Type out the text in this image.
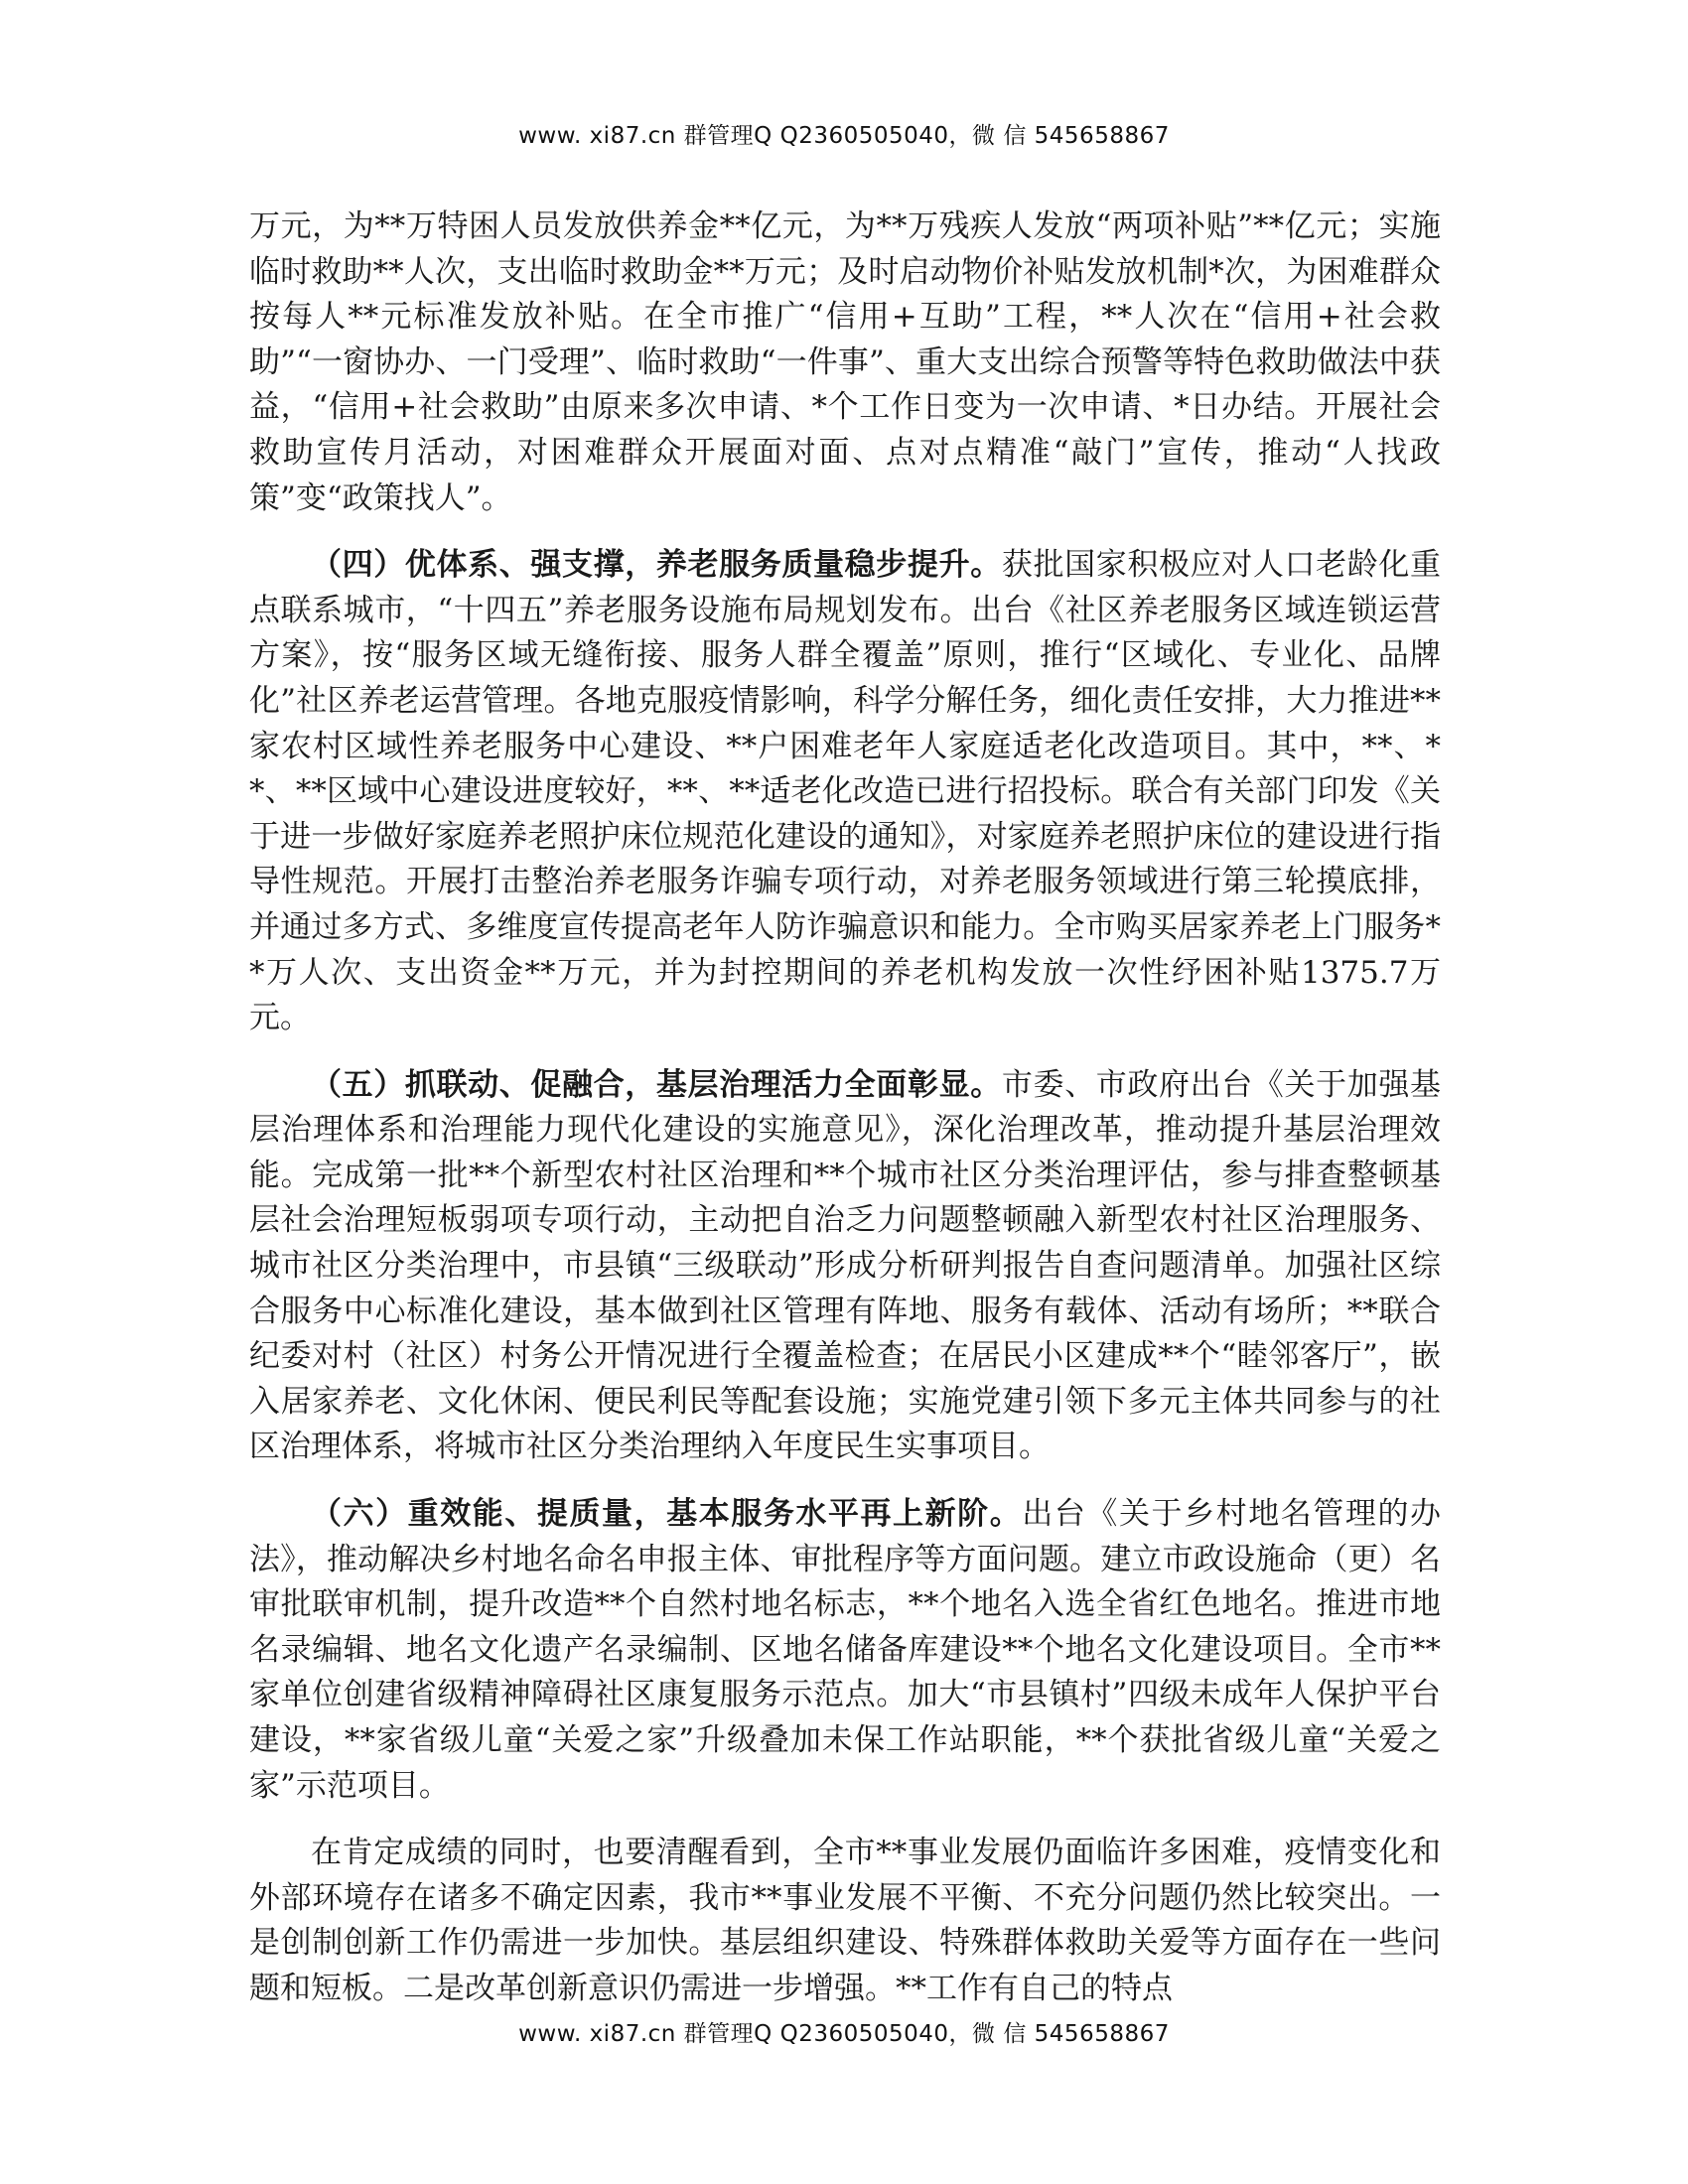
www. xi87.cn 群管理Q Q2360505040，微 信 545658867

万元，为**万特困人员发放供养金**亿元，为**万残疾人发放“两项补贴”**亿元；实施临时救助**人次，支出临时救助金**万元；及时启动物价补贴发放机制*次，为困难群众按每人**元标准发放补贴。在全市推广“信用+互助”工程，**人次在“信用+社会救助”“一窗协办、一门受理”、临时救助“一件事”、重大支出综合预警等特色救助做法中获益，“信用+社会救助”由原来多次申请、*个工作日变为一次申请、*日办结。开展社会救助宣传月活动，对困难群众开展面对面、点对点精准“敲门”宣传，推动“人找政策”变“政策找人”。

（四）优体系、强支撑，养老服务质量稳步提升。获批国家积极应对人口老龄化重点联系城市，“十四五”养老服务设施布局规划发布。出台《社区养老服务区域连锁运营方案》，按“服务区域无缝衔接、服务人群全覆盖”原则，推行“区域化、专业化、品牌化”社区养老运营管理。各地克服疫情影响，科学分解任务，细化责任安排，大力推进**家农村区域性养老服务中心建设、**户困难老年人家庭适老化改造项目。其中，**、**、**区域中心建设进度较好，**、**适老化改造已进行招投标。联合有关部门印发《关于进一步做好家庭养老照护床位规范化建设的通知》，对家庭养老照护床位的建设进行指导性规范。开展打击整治养老服务诈骗专项行动，对养老服务领域进行第三轮摸底排，并通过多方式、多维度宣传提高老年人防诈骗意识和能力。全市购买居家养老上门服务**万人次、支出资金**万元，并为封控期间的养老机构发放一次性纾困补贴1375.7万元。

（五）抓联动、促融合，基层治理活力全面彰显。市委、市政府出台《关于加强基层治理体系和治理能力现代化建设的实施意见》，深化治理改革，推动提升基层治理效能。完成第一批**个新型农村社区治理和**个城市社区分类治理评估，参与排查整顿基层社会治理短板弱项专项行动，主动把自治乏力问题整顿融入新型农村社区治理服务、城市社区分类治理中，市县镇“三级联动”形成分析研判报告自查问题清单。加强社区综合服务中心标准化建设，基本做到社区管理有阵地、服务有载体、活动有场所；**联合纪委对村（社区）村务公开情况进行全覆盖检查；在居民小区建成**个“睦邻客厅”，嵌入居家养老、文化休闲、便民利民等配套设施；实施党建引领下多元主体共同参与的社区治理体系，将城市社区分类治理纳入年度民生实事项目。

（六）重效能、提质量，基本服务水平再上新阶。出台《关于乡村地名管理的办法》，推动解决乡村地名命名申报主体、审批程序等方面问题。建立市政设施命（更）名审批联审机制，提升改造**个自然村地名标志，**个地名入选全省红色地名。推进市地名录编辑、地名文化遗产名录编制、区地名储备库建设**个地名文化建设项目。全市**家单位创建省级精神障碍社区康复服务示范点。加大“市县镇村”四级未成年人保护平台建设，**家省级儿童“关爱之家”升级叠加未保工作站职能，**个获批省级儿童“关爱之家”示范项目。

在肯定成绩的同时，也要清醒看到，全市**事业发展仍面临许多困难，疫情变化和外部环境存在诸多不确定因素，我市**事业发展不平衡、不充分问题仍然比较突出。一是创制创新工作仍需进一步加快。基层组织建设、特殊群体救助关爱等方面存在一些问题和短板。二是改革创新意识仍需进一步增强。**工作有自己的特点

www. xi87.cn 群管理Q Q2360505040，微 信 545658867
